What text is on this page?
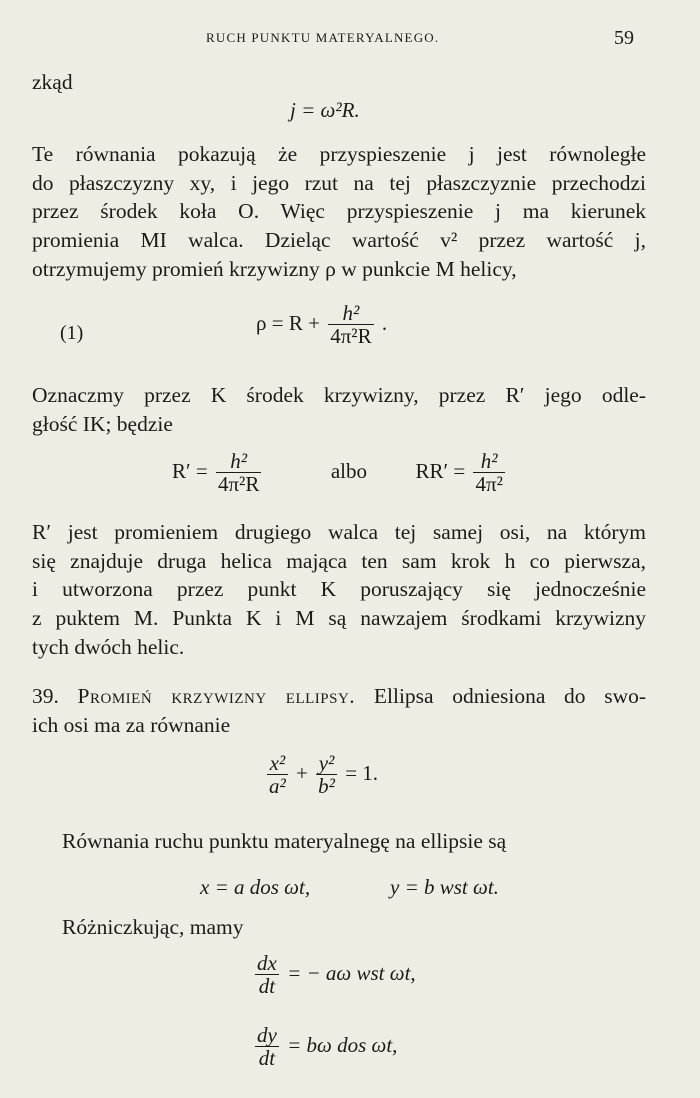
RUCH PUNKTU MATERYALNEGO.	59
zkąd
j = ω²R.
Te równania pokazują że przyspieszenie j jest równoległe
do płaszczyzny xy, i jego rzut na tej płaszczyznie przechodzi
przez środek koła O. Więc przyspieszenie j ma kierunek
promienia MI walca. Dzieląc wartość v² przez wartość j,
otrzymujemy promień krzywizny ρ w punkcie M helicy,
(1)	$\rho = R + \frac{\text{h²}}{\text{4π²R}}$ .
Oznaczmy przez K środek krzywizny, przez R′ jego odle-
głość IK; będzie
$R' = \frac{\text{h²}}{\text{4π²R}}$	albo $RR' = \frac{\text{h²}}{\text{4π²}}$
R′ jest promieniem drugiego walca tej samej osi, na którym
się znajduje druga helica mająca ten sam krok h co pierwsza,
i utworzona przez punkt K poruszający się jednocześnie
z puktem M. Punkta K i M są nawzajem środkami krzywizny
tych dwóch helic.
39. Promień krzywizny ellipsy. Ellipsa odniesiona do swo-
ich osi ma za równanie
$\frac{\text{x²}}{\text{a²}} + \frac{\text{y²}}{\text{b²}} = 1$.
Równania ruchu punktu materyalnegę na ellipsie są
x = a dos ωt,	y = b wst ωt.
Różniczkując, mamy
$\frac{dx}{dt}$ = − aω wst ωt,
$\frac{dy}{dt} = b\omega$ dos ωt,
